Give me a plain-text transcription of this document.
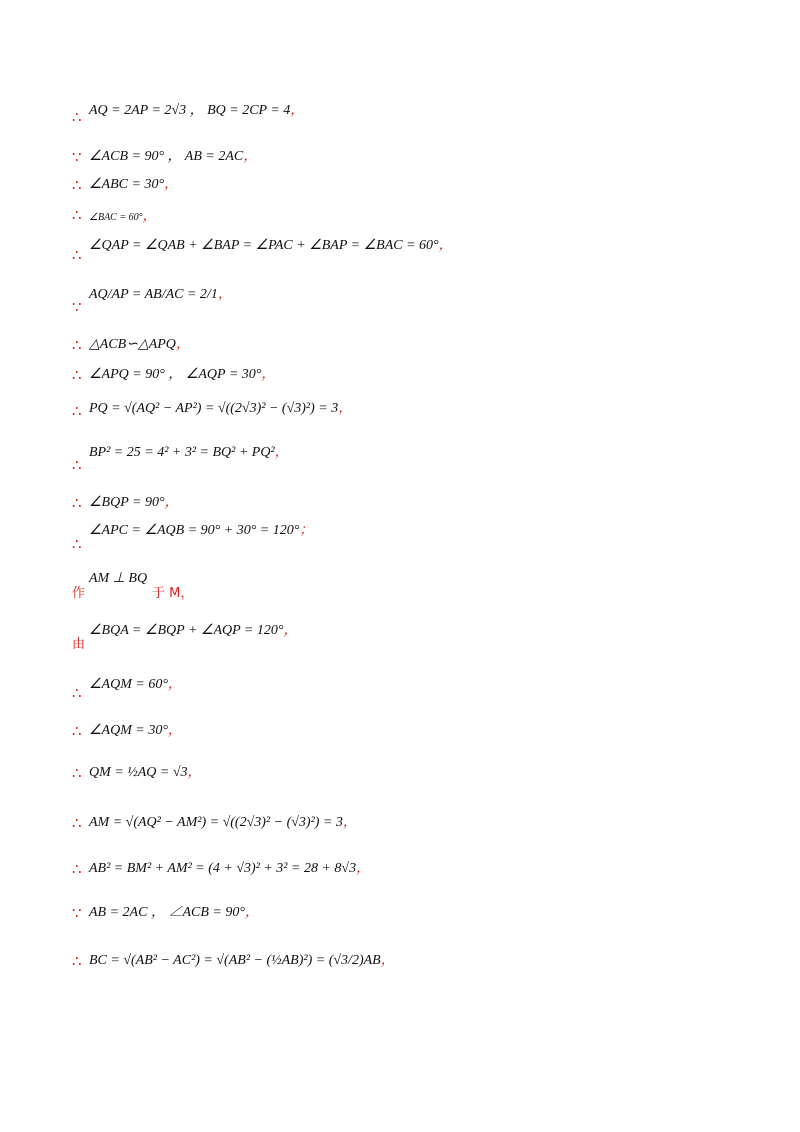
∴ AQ = 2AP = 2√3 ， BQ = 2CP = 4，
∵ ∠ACB = 90° ， AB = 2AC，
∴ ∠ABC = 30°，
∴ ∠BAC = 60°，
∴
∠QAP = ∠QAB + ∠BAP = ∠PAC + ∠BAP = ∠BAC = 60°，
∵
AQ/AP = AB/AC = 2/1，
∴ △ACB∽△APQ，
∴ ∠APQ = 90° ， ∠AQP = 30°，
∴ PQ = √(AQ² − AP²) = √((2√3)² − (√3)²) = 3，
∴
BP² = 25 = 4² + 3² = BQ² + PQ²，
∴ ∠BQP = 90°，
∴
∠APC = ∠AQB = 90° + 30° = 120°；
作
AM ⊥ BQ
于 M，
由
∠BQA = ∠BQP + ∠AQP = 120°，
∴ ∠AQM = 60°，
∴ ∠AQM = 30°，
∴ QM = ½AQ = √3，
∴ AM = √(AQ² − AM²) = √((2√3)² − (√3)²) = 3，
∴ AB² = BM² + AM² = (4 + √3)² + 3² = 28 + 8√3，
∵ AB = 2AC ， ∠ACB = 90°，
∴ BC = √(AB² − AC²) = √(AB² − (½AB)²) = (√3/2)AB，
